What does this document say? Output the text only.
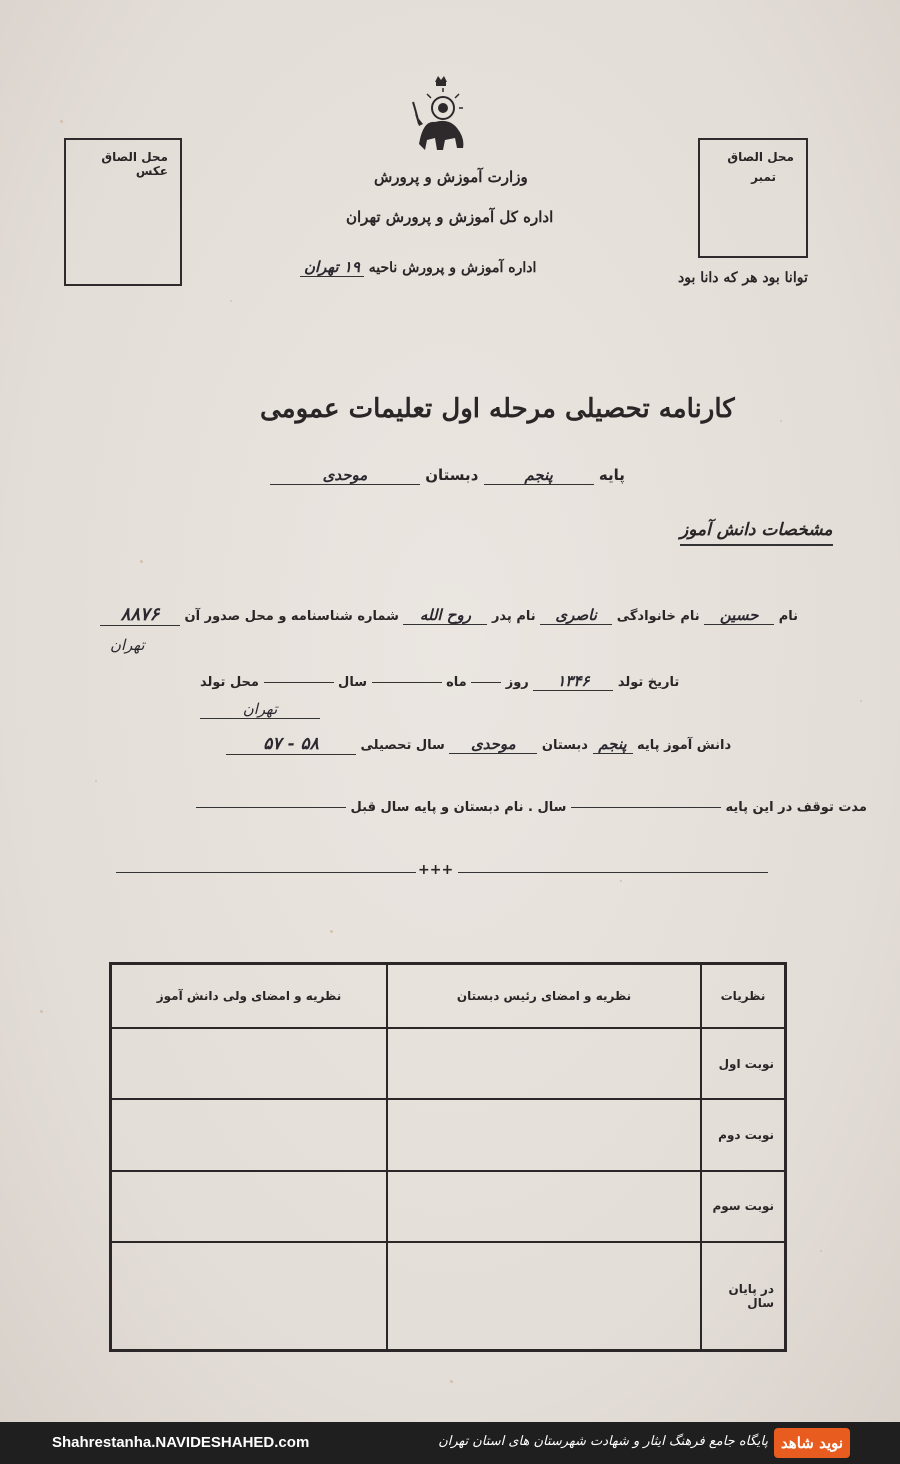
محل الصاق عکس
محل الصاق
تمبر
وزارت آموزش و پرورش
اداره کل آموزش و پرورش تهران
اداره آموزش و پرورش ناحیه ۱۹ تهران
توانا بود هر که دانا بود
کارنامه تحصیلی مرحله اول تعلیمات عمومی
پایه پنجم دبستان موحدی
مشخصات دانش آموز
نام حسین نام خانوادگی ناصری نام پدر روح الله شماره شناسنامه و محل صدور آن ۸۸۷۶
تهران
تاریخ تولد ۱۳۴۶ روز  ماه  سال  محل تولد
تهران
دانش آموز پایه پنجم دبستان موحدی سال تحصیلی ۵۸ - ۵۷
مدت توقف در این پایه  سال . نام دبستان و پایه سال قبل
+++
نظریات	نظریه و امضای رئیس دبستان	نظریه و امضای ولی دانش آموز
نوبت اول		
نوبت دوم		
نوبت سوم		
در پایان سال		
Shahrestanha.NAVIDESHAHED.com	پایگاه جامع فرهنگ ایثار و شهادت شهرستان های استان تهران نوید شاهد
